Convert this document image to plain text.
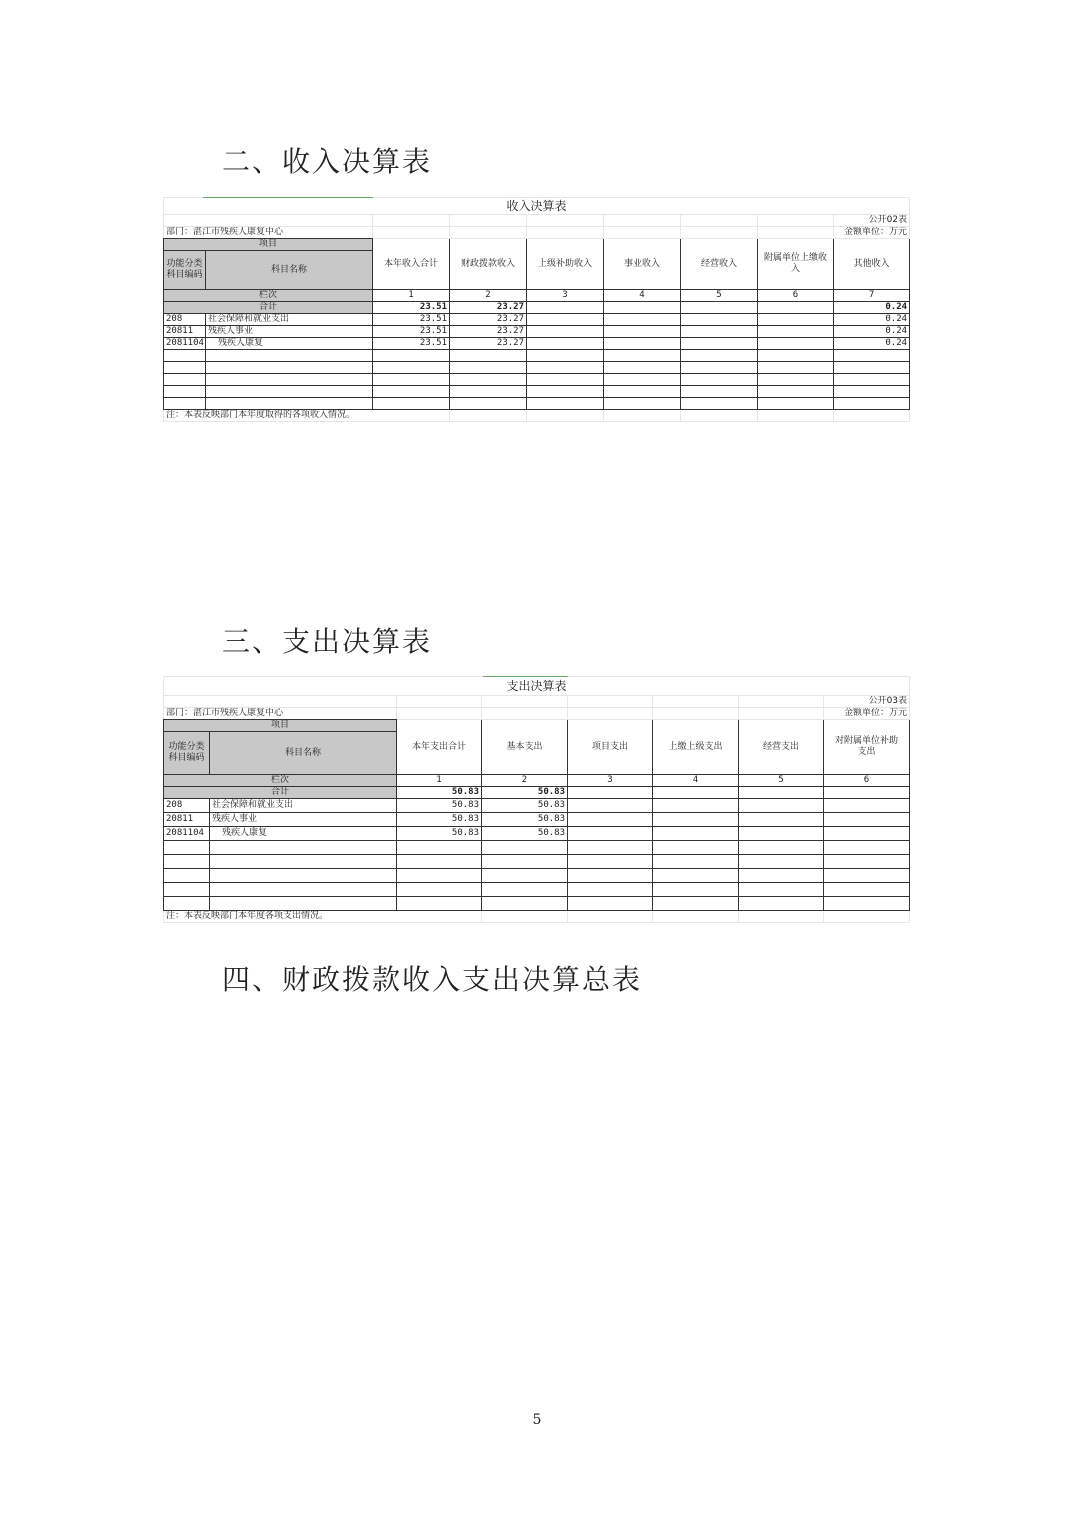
二、收入决算表
收入决算表								
								公开02表
部门：湛江市残疾人康复中心								金额单位：万元
项目		本年收入合计	财政拨款收入	上级补助收入	事业收入	经营收入	附属单位上缴收入	其他收入
功能分类科目编码	科目名称							
栏次		1	2	3	4	5	6	7
合计		23.51	23.27					0.24
208	社会保障和就业支出	23.51	23.27					0.24
20811	残疾人事业	23.51	23.27					0.24
2081104	残疾人康复	23.51	23.27					0.24

注：本表反映部门本年度取得的各项收入情况。								
三、支出决算表
支出决算表							
							公开03表
部门：湛江市残疾人康复中心							金额单位：万元
项目		本年支出合计	基本支出	项目支出	上缴上级支出	经营支出	对附属单位补助支出
功能分类科目编码	科目名称						
栏次		1	2	3	4	5	6
合计		50.83	50.83				
208	社会保障和就业支出	50.83	50.83				
20811	残疾人事业	50.83	50.83				
2081104	残疾人康复	50.83	50.83				

注：本表反映部门本年度各项支出情况。							
四、财政拨款收入支出决算总表
5
